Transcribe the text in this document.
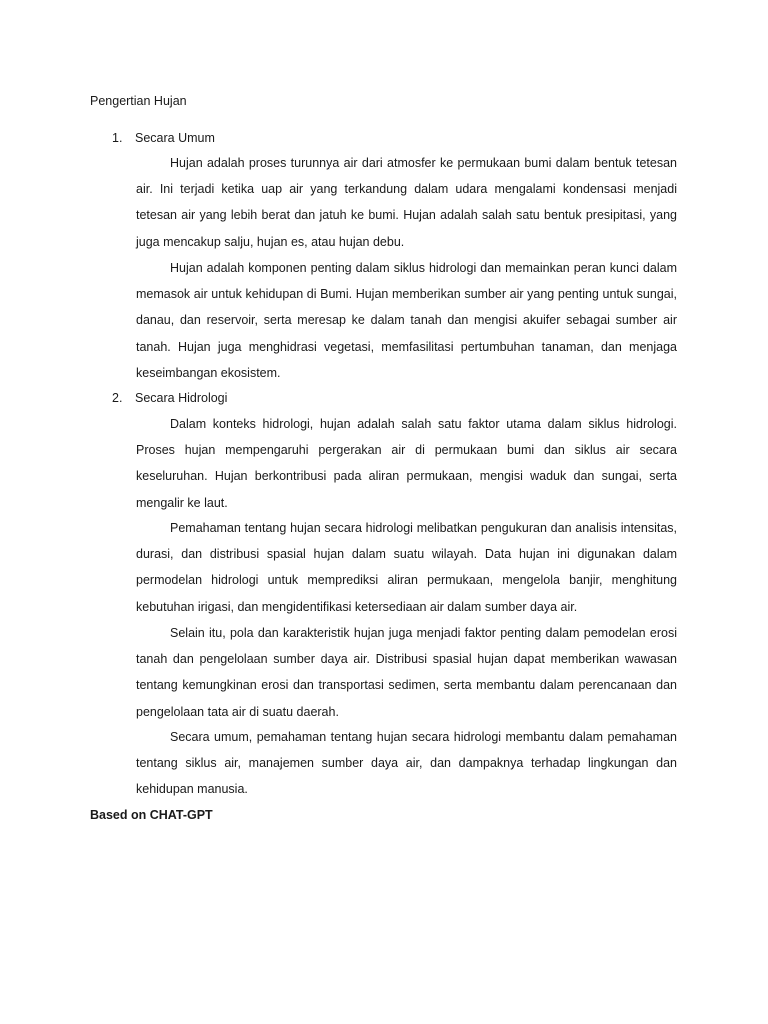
Pengertian Hujan
1. Secara Umum

Hujan adalah proses turunnya air dari atmosfer ke permukaan bumi dalam bentuk tetesan air. Ini terjadi ketika uap air yang terkandung dalam udara mengalami kondensasi menjadi tetesan air yang lebih berat dan jatuh ke bumi. Hujan adalah salah satu bentuk presipitasi, yang juga mencakup salju, hujan es, atau hujan debu.

Hujan adalah komponen penting dalam siklus hidrologi dan memainkan peran kunci dalam memasok air untuk kehidupan di Bumi. Hujan memberikan sumber air yang penting untuk sungai, danau, dan reservoir, serta meresap ke dalam tanah dan mengisi akuifer sebagai sumber air tanah. Hujan juga menghidrasi vegetasi, memfasilitasi pertumbuhan tanaman, dan menjaga keseimbangan ekosistem.

2. Secara Hidrologi

Dalam konteks hidrologi, hujan adalah salah satu faktor utama dalam siklus hidrologi. Proses hujan mempengaruhi pergerakan air di permukaan bumi dan siklus air secara keseluruhan. Hujan berkontribusi pada aliran permukaan, mengisi waduk dan sungai, serta mengalir ke laut.

Pemahaman tentang hujan secara hidrologi melibatkan pengukuran dan analisis intensitas, durasi, dan distribusi spasial hujan dalam suatu wilayah. Data hujan ini digunakan dalam permodelan hidrologi untuk memprediksi aliran permukaan, mengelola banjir, menghitung kebutuhan irigasi, dan mengidentifikasi ketersediaan air dalam sumber daya air.

Selain itu, pola dan karakteristik hujan juga menjadi faktor penting dalam pemodelan erosi tanah dan pengelolaan sumber daya air. Distribusi spasial hujan dapat memberikan wawasan tentang kemungkinan erosi dan transportasi sedimen, serta membantu dalam perencanaan dan pengelolaan tata air di suatu daerah.

Secara umum, pemahaman tentang hujan secara hidrologi membantu dalam pemahaman tentang siklus air, manajemen sumber daya air, dan dampaknya terhadap lingkungan dan kehidupan manusia.

Based on CHAT-GPT
